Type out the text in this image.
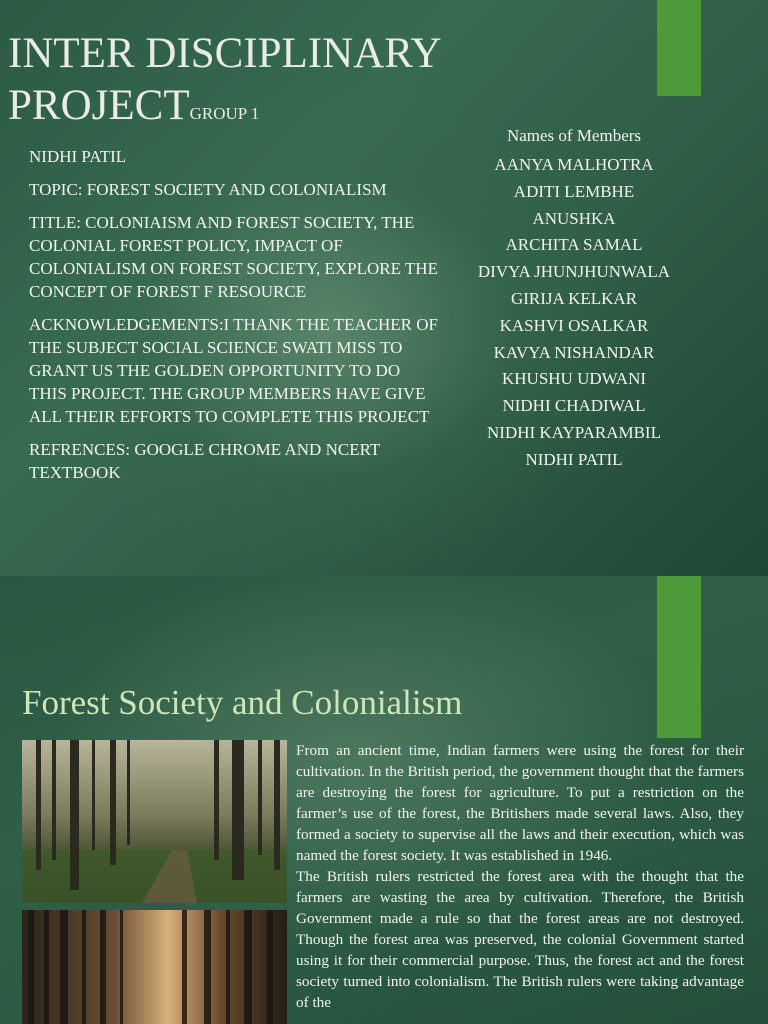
INTER DISCIPLINARY PROJECTGROUP 1

NIDHI PATIL

TOPIC: FOREST SOCIETY AND COLONIALISM

TITLE: COLONIAISM AND FOREST SOCIETY, THE COLONIAL FOREST POLICY, IMPACT OF COLONIALISM ON FOREST SOCIETY, EXPLORE THE CONCEPT OF FOREST F RESOURCE

ACKNOWLEDGEMENTS:I THANK THE TEACHER OF THE SUBJECT SOCIAL SCIENCE SWATI MISS TO GRANT US THE GOLDEN OPPORTUNITY TO DO THIS PROJECT. THE GROUP MEMBERS HAVE GIVE ALL THEIR EFFORTS TO COMPLETE THIS PROJECT

REFRENCES: GOOGLE CHROME AND NCERT TEXTBOOK

Names of Members
AANYA MALHOTRA
ADITI LEMBHE
ANUSHKA
ARCHITA SAMAL
DIVYA JHUNJHUNWALA
GIRIJA KELKAR
KASHVI OSALKAR
KAVYA NISHANDAR
KHUSHU UDWANI
NIDHI CHADIWAL
NIDHI KAYPARAMBIL
NIDHI PATIL
Forest Society and Colonialism

From an ancient time, Indian farmers were using the forest for their cultivation. In the British period, the government thought that the farmers are destroying the forest for agriculture. To put a restriction on the farmer’s use of the forest, the Britishers made several laws. Also, they formed a society to supervise all the laws and their execution, which was named the forest society. It was established in 1946.

The British rulers restricted the forest area with the thought that the farmers are wasting the area by cultivation. Therefore, the British Government made a rule so that the forest areas are not destroyed. Though the forest area was preserved, the colonial Government started using it for their commercial purpose. Thus, the forest act and the forest society turned into colonialism. The British rulers were taking advantage of the
